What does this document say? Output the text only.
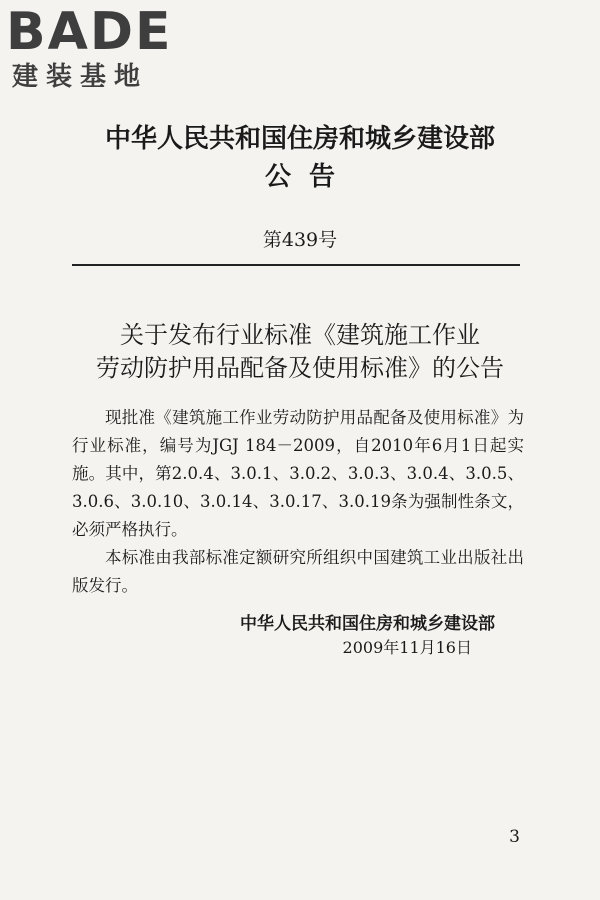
BADE
建装基地
中华人民共和国住房和城乡建设部
公告
第439号
关于发布行业标准《建筑施工作业
劳动防护用品配备及使用标准》的公告

现批准《建筑施工作业劳动防护用品配备及使用标准》为行业标准，编号为JGJ 184－2009，自2010年6月1日起实施。其中，第2.0.4、3.0.1、3.0.2、3.0.3、3.0.4、3.0.5、3.0.6、3.0.10、3.0.14、3.0.17、3.0.19条为强制性条文，必须严格执行。

本标准由我部标准定额研究所组织中国建筑工业出版社出版发行。

中华人民共和国住房和城乡建设部
2009年11月16日
3
